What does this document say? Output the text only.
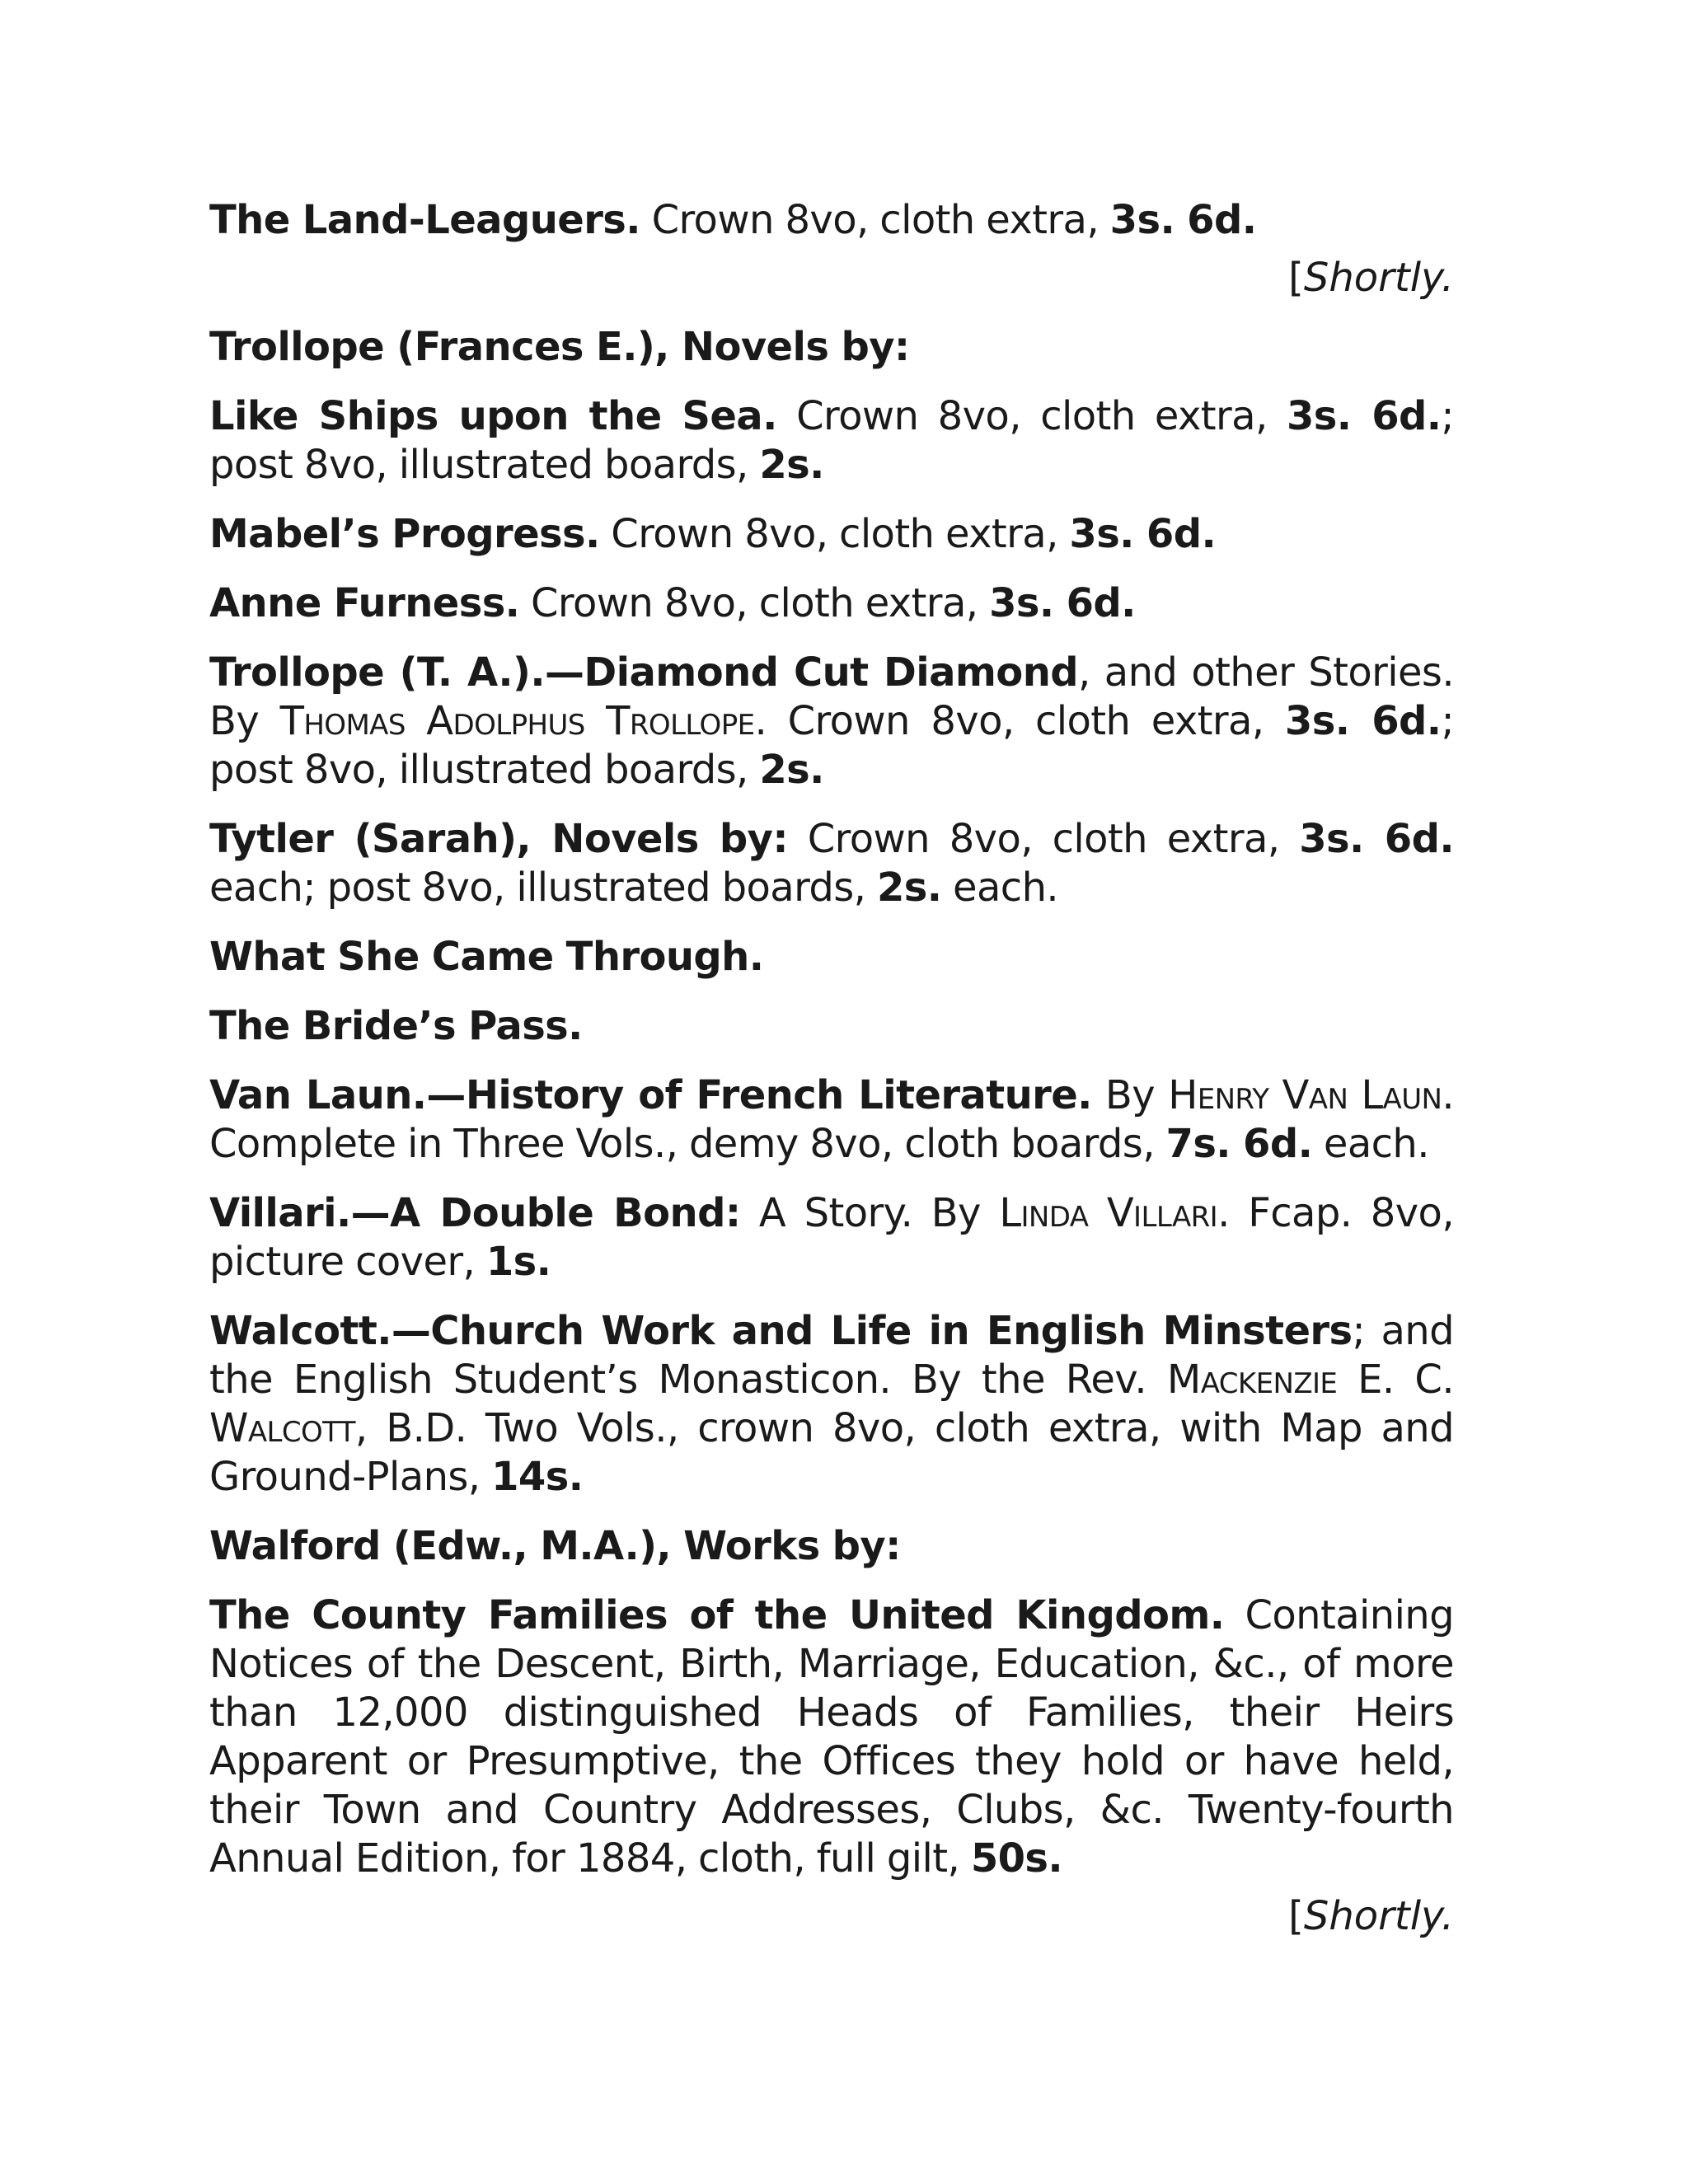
The Land-Leaguers. Crown 8vo, cloth extra, 3s. 6d.
[Shortly.
Trollope (Frances E.), Novels by:
Like Ships upon the Sea. Crown 8vo, cloth extra, 3s. 6d.; post 8vo, illustrated boards, 2s.
Mabel’s Progress. Crown 8vo, cloth extra, 3s. 6d.
Anne Furness. Crown 8vo, cloth extra, 3s. 6d.
Trollope (T. A.).—Diamond Cut Diamond, and other Stories. By Thomas Adolphus Trollope. Crown 8vo, cloth extra, 3s. 6d.; post 8vo, illustrated boards, 2s.
Tytler (Sarah), Novels by: Crown 8vo, cloth extra, 3s. 6d. each; post 8vo, illustrated boards, 2s. each.
What She Came Through.
The Bride’s Pass.
Van Laun.—History of French Literature. By Henry Van Laun. Complete in Three Vols., demy 8vo, cloth boards, 7s. 6d. each.
Villari.—A Double Bond: A Story. By Linda Villari. Fcap. 8vo, picture cover, 1s.
Walcott.—Church Work and Life in English Minsters; and the English Student’s Monasticon. By the Rev. Mackenzie E. C. Walcott, B.D. Two Vols., crown 8vo, cloth extra, with Map and Ground-Plans, 14s.
Walford (Edw., M.A.), Works by:
The County Families of the United Kingdom. Containing Notices of the Descent, Birth, Marriage, Education, &c., of more than 12,000 distinguished Heads of Families, their Heirs Apparent or Presumptive, the Offices they hold or have held, their Town and Country Addresses, Clubs, &c. Twenty-fourth Annual Edition, for 1884, cloth, full gilt, 50s.
[Shortly.
